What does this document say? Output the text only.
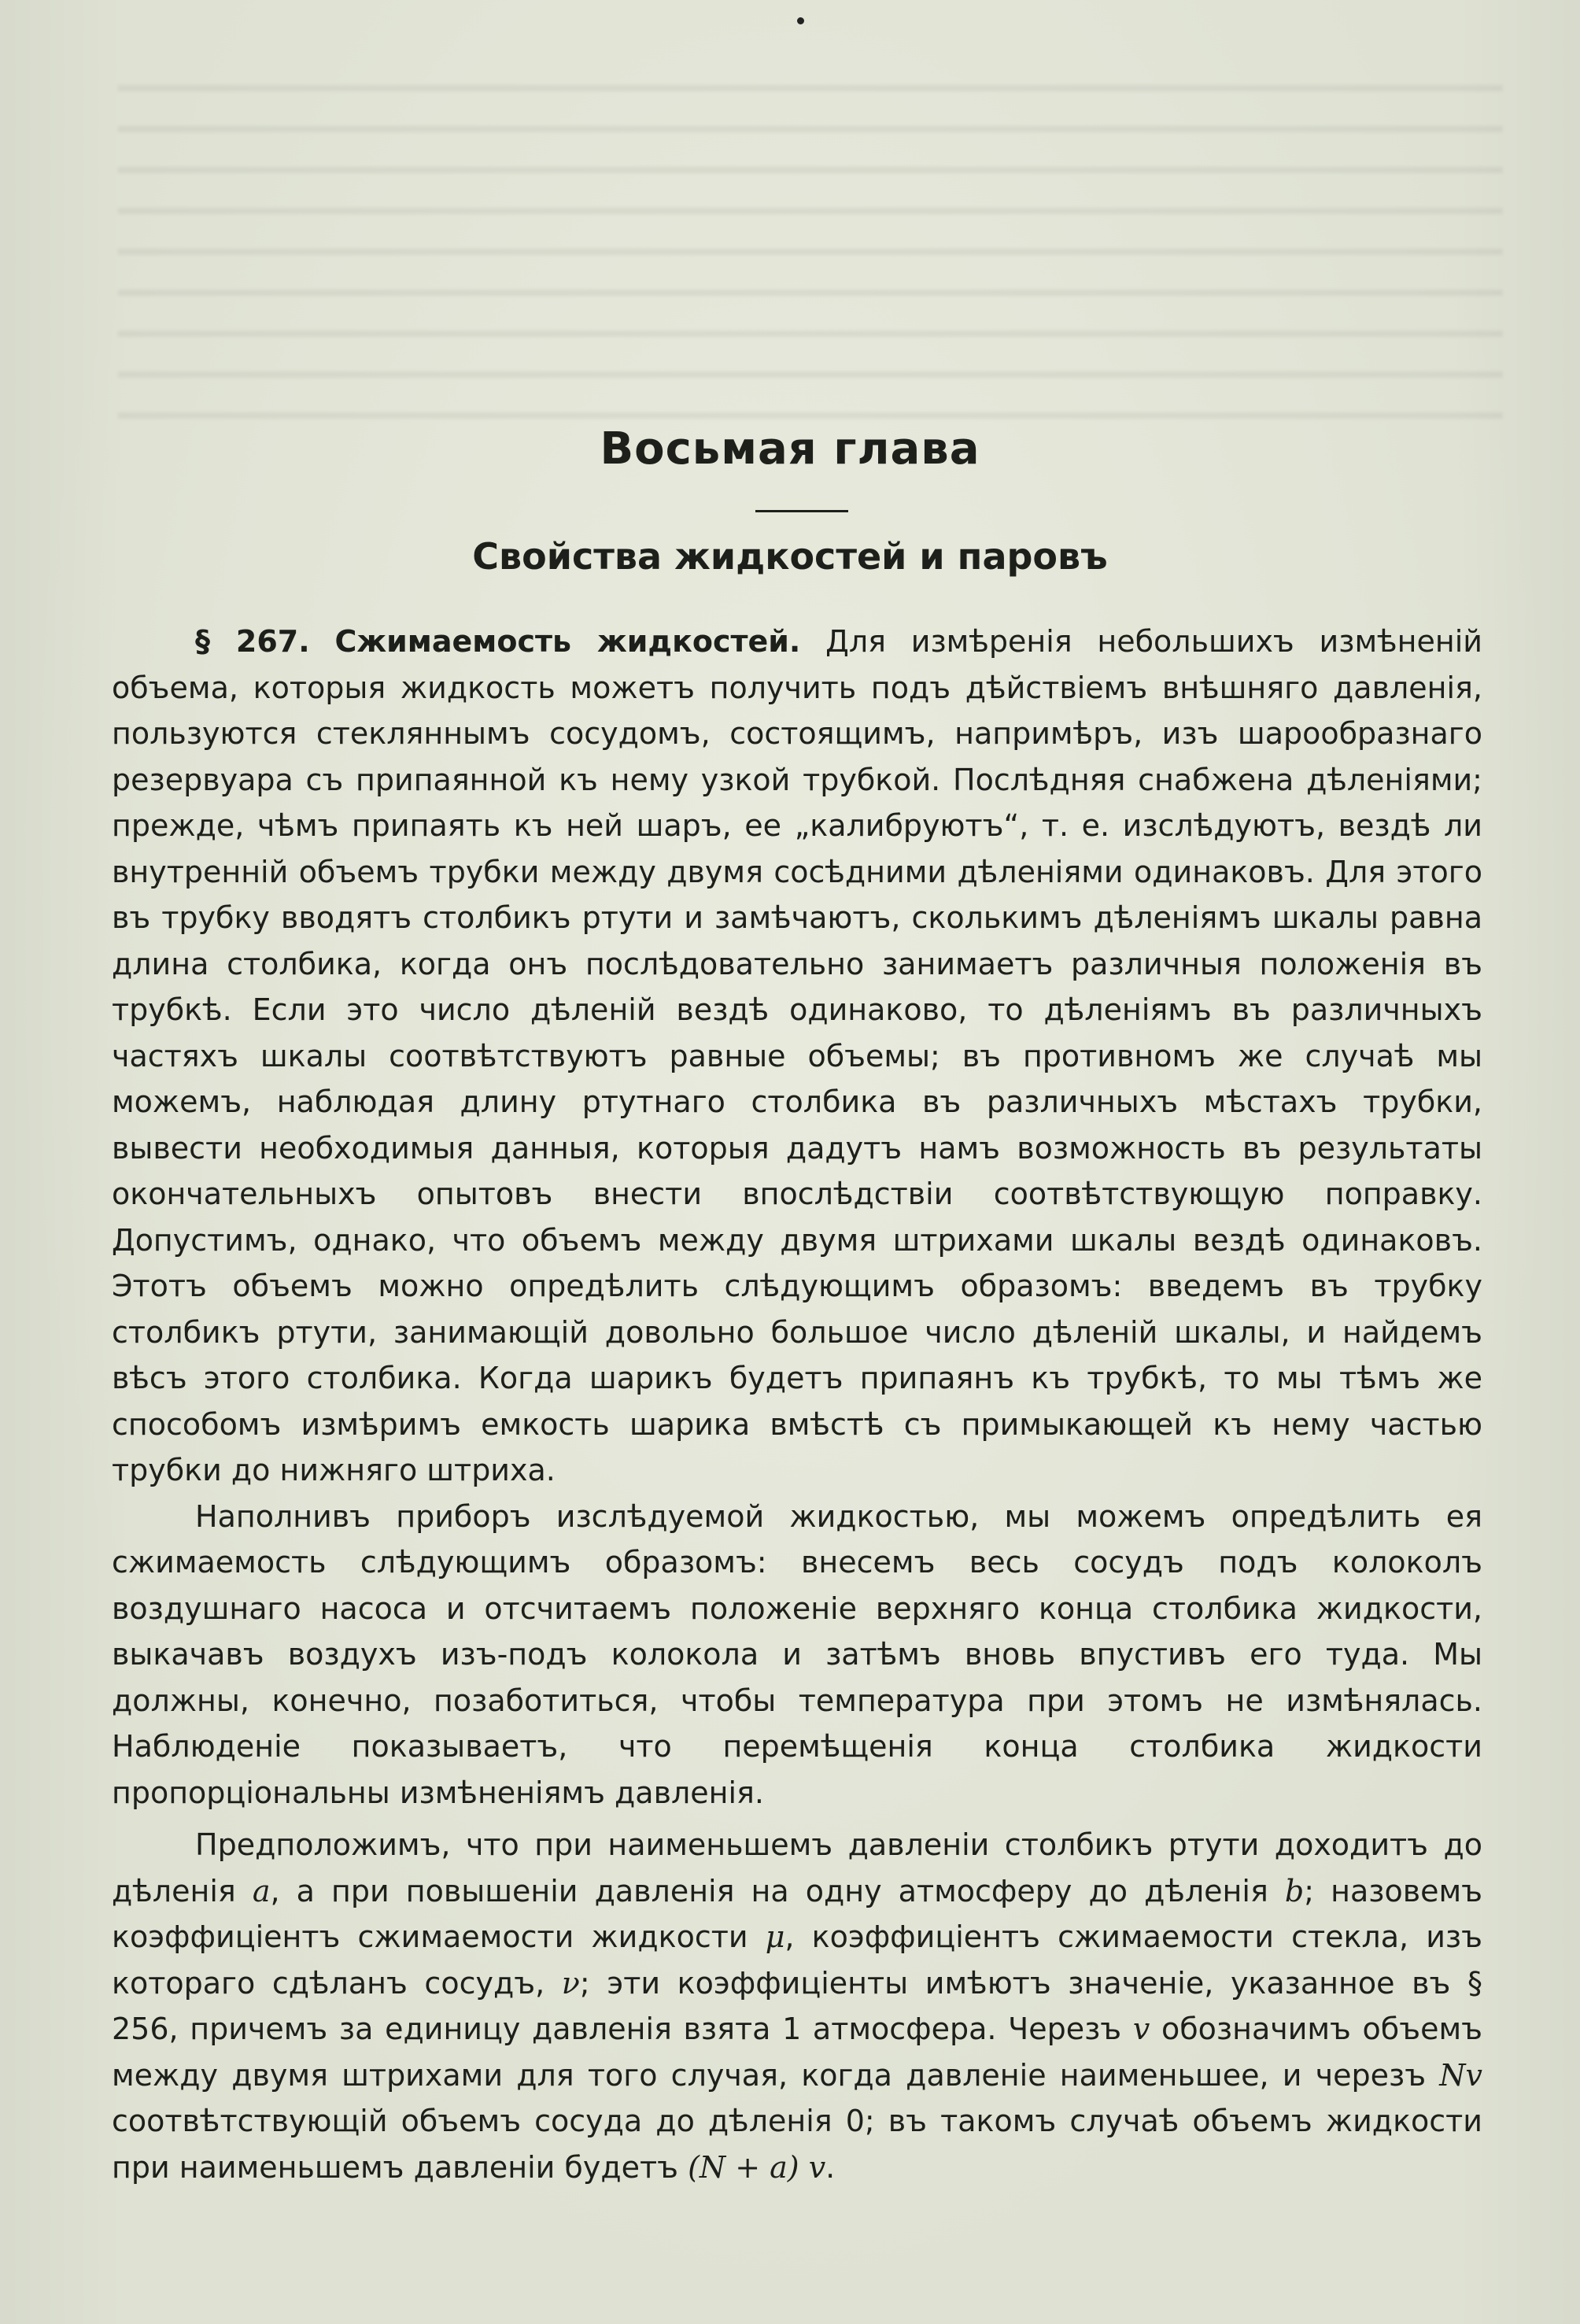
Восьмая глава
Свойства жидкостей и паровъ

§ 267. Сжимаемость жидкостей. Для измѣренія небольшихъ измѣненій объема, которыя жидкость можетъ получить подъ дѣйствіемъ внѣшняго давленія, пользуются стекляннымъ сосудомъ, состоящимъ, напримѣръ, изъ шарообразнаго резервуара съ припаянной къ нему узкой трубкой. Послѣдняя снабжена дѣленіями; прежде, чѣмъ припаять къ ней шаръ, ее „калибруютъ“, т. е. изслѣдуютъ, вездѣ ли внутренній объемъ трубки между двумя сосѣдними дѣленіями одинаковъ. Для этого въ трубку вводятъ столбикъ ртути и замѣчаютъ, сколькимъ дѣленіямъ шкалы равна длина столбика, когда онъ послѣдовательно занимаетъ различныя положенія въ трубкѣ. Если это число дѣленій вездѣ одинаково, то дѣленіямъ въ различныхъ частяхъ шкалы соотвѣтствуютъ равные объемы; въ противномъ же случаѣ мы можемъ, наблюдая длину ртутнаго столбика въ различныхъ мѣстахъ трубки, вывести необходимыя данныя, которыя дадутъ намъ возможность въ результаты окончательныхъ опытовъ внести впослѣдствіи соотвѣтствующую поправку. Допустимъ, однако, что объемъ между двумя штрихами шкалы вездѣ одинаковъ. Этотъ объемъ можно опредѣлить слѣдующимъ образомъ: введемъ въ трубку столбикъ ртути, занимающій довольно большое число дѣленій шкалы, и найдемъ вѣсъ этого столбика. Когда шарикъ будетъ припаянъ къ трубкѣ, то мы тѣмъ же способомъ измѣримъ емкость шарика вмѣстѣ съ примыкающей къ нему частью трубки до нижняго штриха.

Наполнивъ приборъ изслѣдуемой жидкостью, мы можемъ опредѣлить ея сжимаемость слѣдующимъ образомъ: внесемъ весь сосудъ подъ колоколъ воздушнаго насоса и отсчитаемъ положеніе верхняго конца столбика жидкости, выкачавъ воздухъ изъ-подъ колокола и затѣмъ вновь впустивъ его туда. Мы должны, конечно, позаботиться, чтобы температура при этомъ не измѣнялась. Наблюденіе показываетъ, что перемѣщенія конца столбика жидкости пропорціональны измѣненіямъ давленія.

Предположимъ, что при наименьшемъ давленіи столбикъ ртути доходитъ до дѣленія a, а при повышеніи давленія на одну атмосферу до дѣленія b; назовемъ коэффиціентъ сжимаемости жидкости μ, коэффиціентъ сжимаемости стекла, изъ котораго сдѣланъ сосудъ, ν; эти коэффиціенты имѣютъ значеніе, указанное въ § 256, причемъ за единицу давленія взята 1 атмосфера. Черезъ v обозначимъ объемъ между двумя штрихами для того случая, когда давленіе наименьшее, и черезъ Nv соотвѣтствующій объемъ сосуда до дѣленія 0; въ такомъ случаѣ объемъ жидкости при наименьшемъ давленіи будетъ (N + a) v.
